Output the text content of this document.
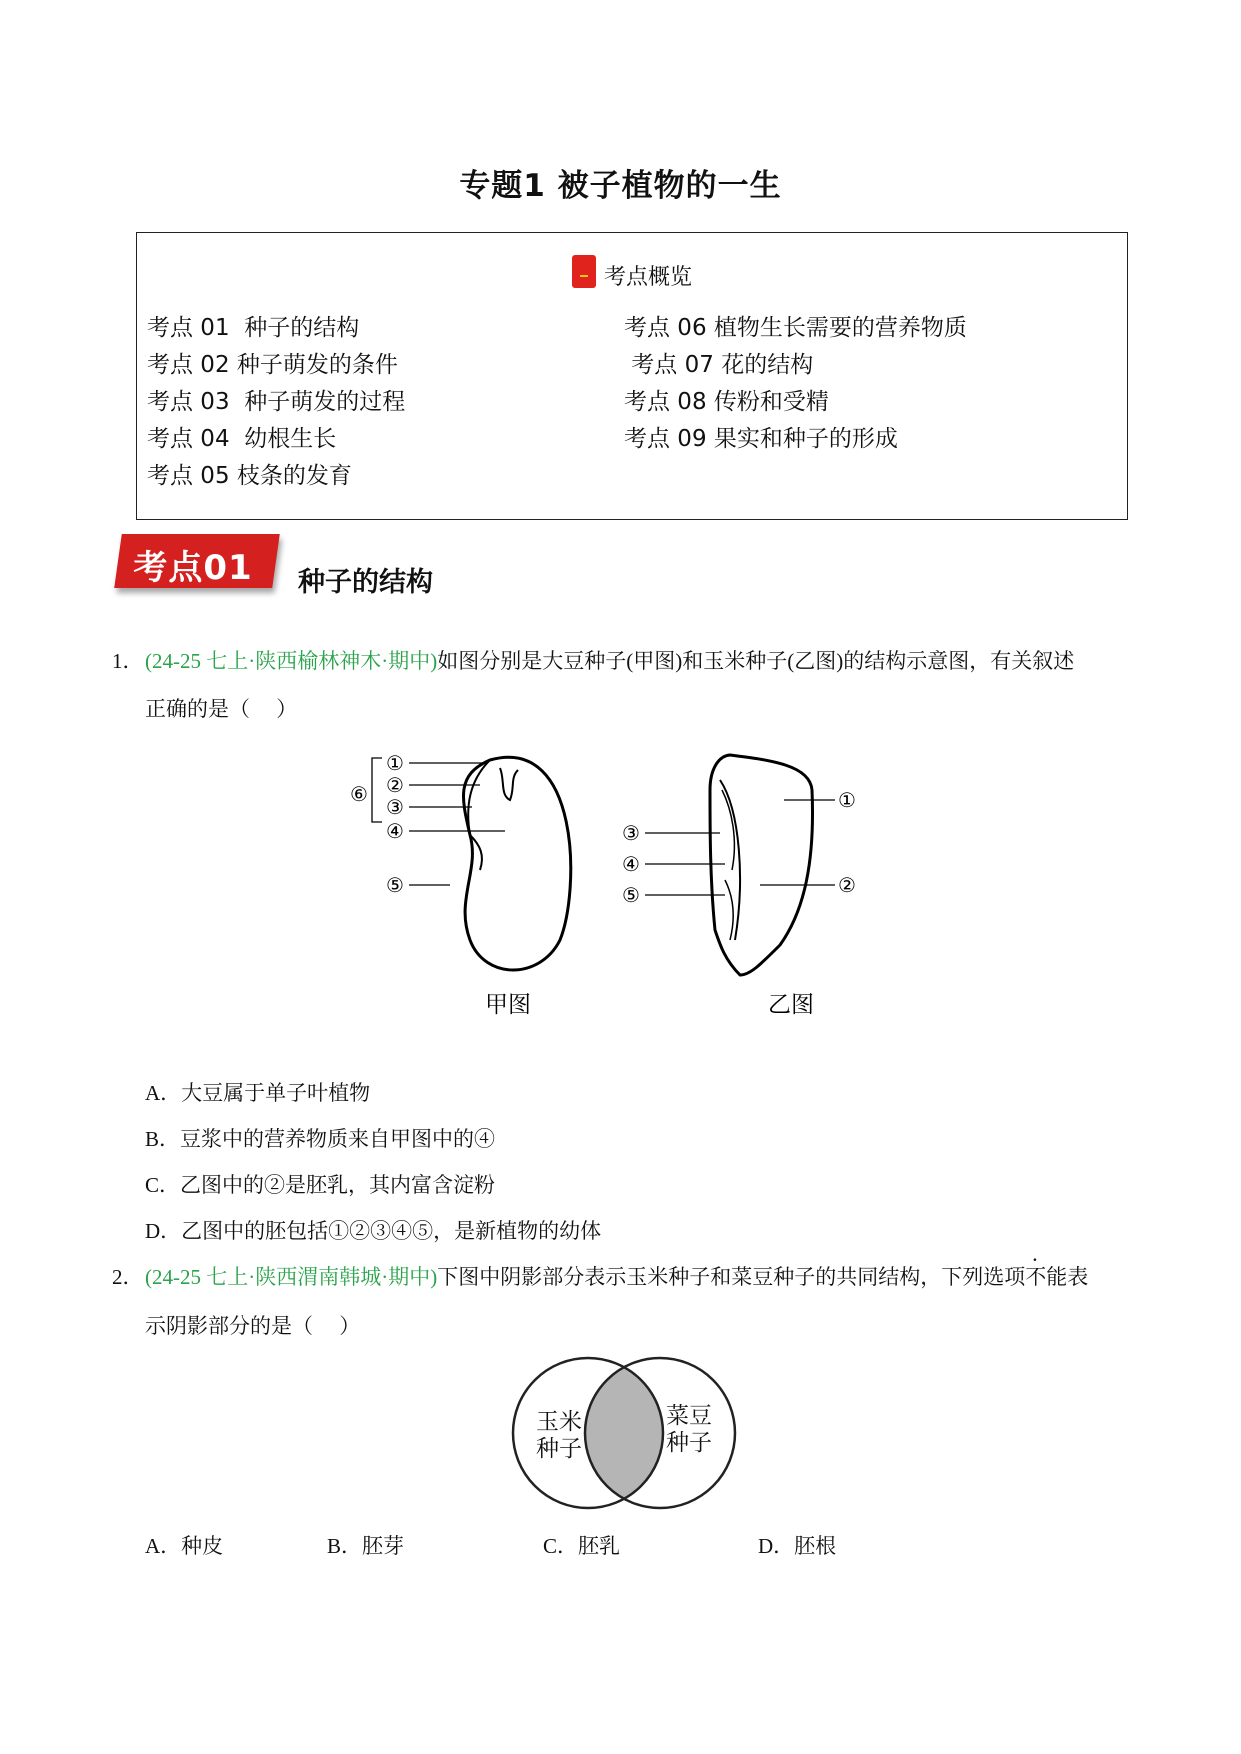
专题1 被子植物的一生
考点概览
考点 01  种子的结构
考点 02 种子萌发的条件
考点 03  种子萌发的过程
考点 04  幼根生长
考点 05 枝条的发育
考点 06 植物生长需要的营养物质
考点 07 花的结构
考点 08 传粉和受精
考点 09 果实和种子的形成
考点01	种子的结构
1． (24-25 七上·陕西榆林神木·期中)如图分别是大豆种子(甲图)和玉米种子(乙图)的结构示意图，有关叙述
正确的是（     ）
①
②
③
④
⑤
⑥
甲图
①
②
③
④
⑤
乙图
A．大豆属于单子叶植物
B．豆浆中的营养物质来自甲图中的④
C．乙图中的②是胚乳，其内富含淀粉
D．乙图中的胚包括①②③④⑤，是新植物的幼体
2． (24-25 七上·陕西渭南韩城·期中)下图中阴影部分表示玉米种子和菜豆种子的共同结构，下列选项不能表
示阴影部分的是（     ）
玉米
种子
菜豆
种子
A．种皮	B．胚芽	C．胚乳	D．胚根
